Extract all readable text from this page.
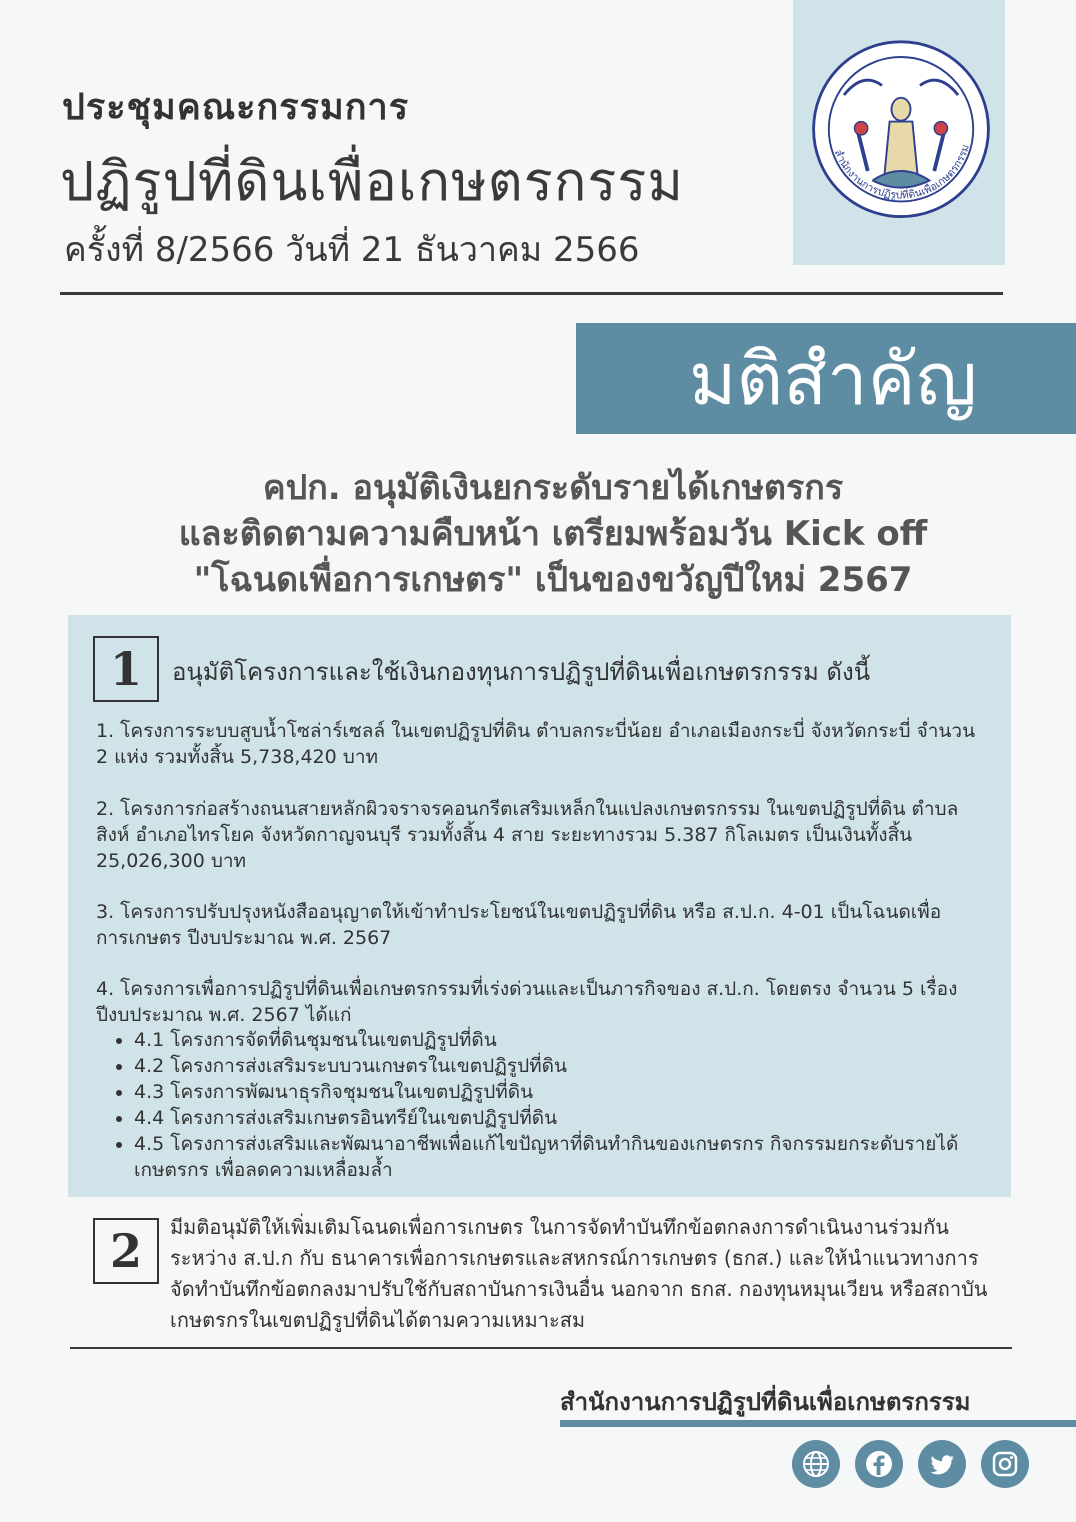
ประชุมคณะกรรมการ
ปฏิรูปที่ดินเพื่อเกษตรกรรม
ครั้งที่ 8/2566 วันที่ 21 ธันวาคม 2566
สำนักงานการปฏิรูปที่ดินเพื่อเกษตรกรรม
มติสำคัญ
คปก. อนุมัติเงินยกระดับรายได้เกษตรกร
และติดตามความคืบหน้า เตรียมพร้อมวัน Kick off
"โฉนดเพื่อการเกษตร" เป็นของขวัญปีใหม่ 2567
1	อนุมัติโครงการและใช้เงินกองทุนการปฏิรูปที่ดินเพื่อเกษตรกรรม ดังนี้
1. โครงการระบบสูบน้ำโซล่าร์เซลล์ ในเขตปฏิรูปที่ดิน ตำบลกระบี่น้อย อำเภอเมืองกระบี่ จังหวัดกระบี่ จำนวน 2 แห่ง รวมทั้งสิ้น 5,738,420 บาท
2. โครงการก่อสร้างถนนสายหลักผิวจราจรคอนกรีตเสริมเหล็กในแปลงเกษตรกรรม ในเขตปฏิรูปที่ดิน ตำบลสิงห์ อำเภอไทรโยค จังหวัดกาญจนบุรี รวมทั้งสิ้น 4 สาย ระยะทางรวม 5.387 กิโลเมตร เป็นเงินทั้งสิ้น 25,026,300 บาท
3. โครงการปรับปรุงหนังสืออนุญาตให้เข้าทำประโยชน์ในเขตปฏิรูปที่ดิน หรือ ส.ป.ก. 4-01 เป็นโฉนดเพื่อการเกษตร ปีงบประมาณ พ.ศ. 2567
4. โครงการเพื่อการปฏิรูปที่ดินเพื่อเกษตรกรรมที่เร่งด่วนและเป็นภารกิจของ ส.ป.ก. โดยตรง จำนวน 5 เรื่อง ปีงบประมาณ พ.ศ. 2567 ได้แก่
• 4.1 โครงการจัดที่ดินชุมชนในเขตปฏิรูปที่ดิน
• 4.2 โครงการส่งเสริมระบบวนเกษตรในเขตปฏิรูปที่ดิน
• 4.3 โครงการพัฒนาธุรกิจชุมชนในเขตปฏิรูปที่ดิน
• 4.4 โครงการส่งเสริมเกษตรอินทรีย์ในเขตปฏิรูปที่ดิน
• 4.5 โครงการส่งเสริมและพัฒนาอาชีพเพื่อแก้ไขปัญหาที่ดินทำกินของเกษตรกร กิจกรรมยกระดับรายได้เกษตรกร เพื่อลดความเหลื่อมล้ำ
2	มีมติอนุมัติให้เพิ่มเติมโฉนดเพื่อการเกษตร ในการจัดทำบันทึกข้อตกลงการดำเนินงานร่วมกันระหว่าง ส.ป.ก กับ ธนาคารเพื่อการเกษตรและสหกรณ์การเกษตร (ธกส.) และให้นำแนวทางการจัดทำบันทึกข้อตกลงมาปรับใช้กับสถาบันการเงินอื่น นอกจาก ธกส. กองทุนหมุนเวียน หรือสถาบันเกษตรกรในเขตปฏิรูปที่ดินได้ตามความเหมาะสม
สำนักงานการปฏิรูปที่ดินเพื่อเกษตรกรรม
